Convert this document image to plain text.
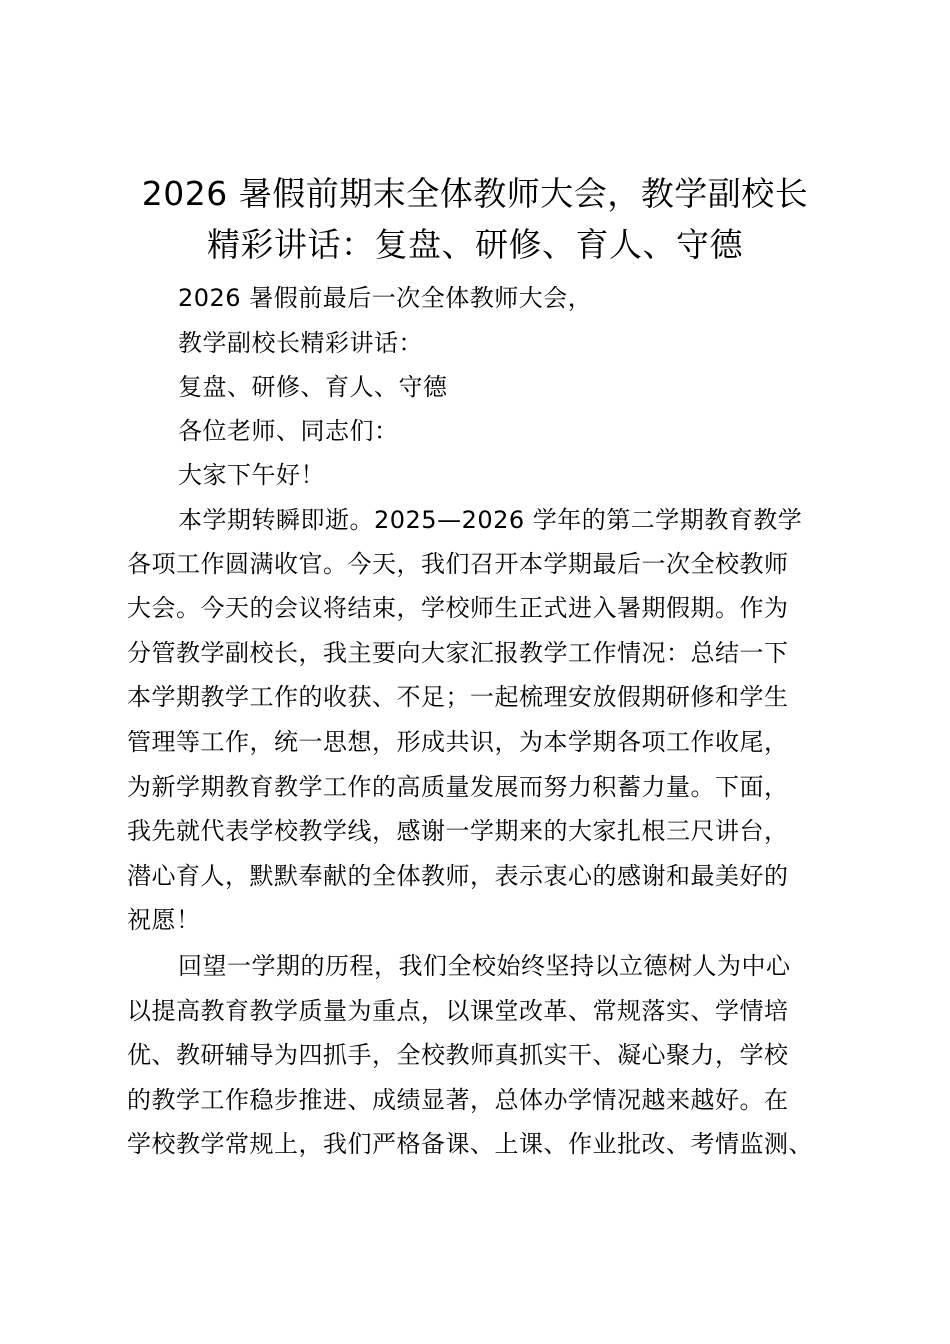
2026 暑假前期末全体教师大会，教学副校长
精彩讲话：复盘、研修、育人、守德
2026 暑假前最后一次全体教师大会，
教学副校长精彩讲话：
复盘、研修、育人、守德
各位老师、同志们：
大家下午好！
本学期转瞬即逝。2025—2026 学年的第二学期教育教学
各项工作圆满收官。今天，我们召开本学期最后一次全校教师
大会。今天的会议将结束，学校师生正式进入暑期假期。作为
分管教学副校长，我主要向大家汇报教学工作情况：总结一下
本学期教学工作的收获、不足；一起梳理安放假期研修和学生
管理等工作，统一思想，形成共识，为本学期各项工作收尾，
为新学期教育教学工作的高质量发展而努力积蓄力量。下面，
我先就代表学校教学线，感谢一学期来的大家扎根三尺讲台，
潜心育人，默默奉献的全体教师，表示衷心的感谢和最美好的
祝愿！
回望一学期的历程，我们全校始终坚持以立德树人为中心
以提高教育教学质量为重点，以课堂改革、常规落实、学情培
优、教研辅导为四抓手，全校教师真抓实干、凝心聚力，学校
的教学工作稳步推进、成绩显著，总体办学情况越来越好。在
学校教学常规上，我们严格备课、上课、作业批改、考情监测、
